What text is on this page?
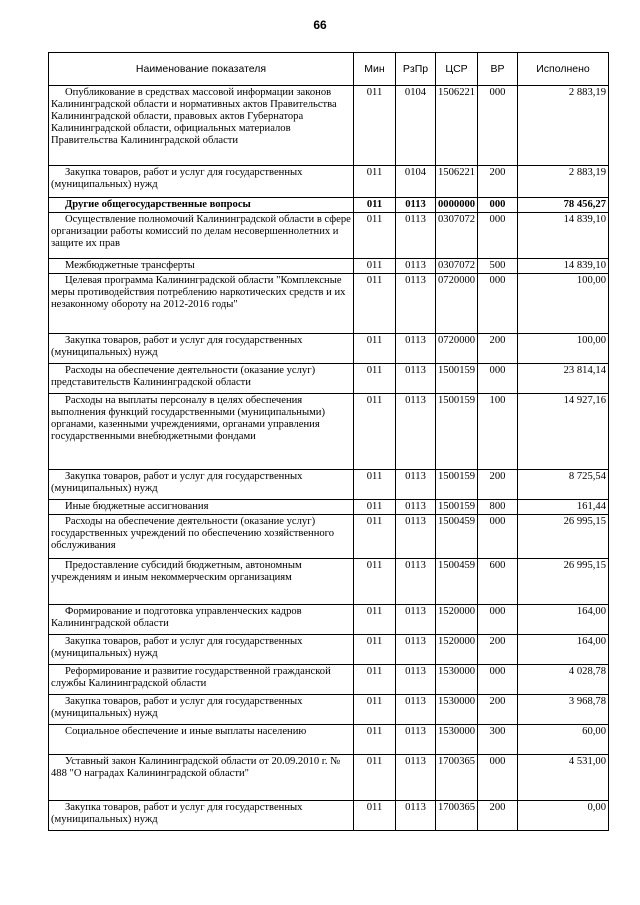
66
Наименование показателя	Мин	РзПр	ЦСР	ВР	Исполнено
Опубликование в средствах массовой информации законов Калининградской области и нормативных актов Правительства Калининградской области, правовых актов Губернатора Калининградской области, официальных материалов Правительства Калининградской области	011	0104	1506221	000	2 883,19
Закупка товаров, работ и услуг для государственных (муниципальных) нужд	011	0104	1506221	200	2 883,19
Другие общегосударственные вопросы	011	0113	0000000	000	78 456,27
Осуществление полномочий Калининградской области в сфере организации работы комиссий по делам несовершеннолетних и защите их прав	011	0113	0307072	000	14 839,10
Межбюджетные трансферты	011	0113	0307072	500	14 839,10
Целевая программа Калининградской области "Комплексные меры противодействия потреблению наркотических средств и их незаконному обороту на 2012-2016 годы"	011	0113	0720000	000	100,00
Закупка товаров, работ и услуг для государственных (муниципальных) нужд	011	0113	0720000	200	100,00
Расходы на обеспечение деятельности (оказание услуг) представительств Калининградской области	011	0113	1500159	000	23 814,14
Расходы на выплаты персоналу в целях обеспечения выполнения функций государственными (муниципальными) органами, казенными учреждениями, органами управления государственными внебюджетными фондами	011	0113	1500159	100	14 927,16
Закупка товаров, работ и услуг для государственных (муниципальных) нужд	011	0113	1500159	200	8 725,54
Иные бюджетные ассигнования	011	0113	1500159	800	161,44
Расходы на обеспечение деятельности (оказание услуг) государственных учреждений по обеспечению хозяйственного обслуживания	011	0113	1500459	000	26 995,15
Предоставление субсидий бюджетным, автономным учреждениям и иным некоммерческим организациям	011	0113	1500459	600	26 995,15
Формирование и подготовка управленческих кадров Калининградской области	011	0113	1520000	000	164,00
Закупка товаров, работ и услуг для государственных (муниципальных) нужд	011	0113	1520000	200	164,00
Реформирование и развитие государственной гражданской службы Калининградской области	011	0113	1530000	000	4 028,78
Закупка товаров, работ и услуг для государственных (муниципальных) нужд	011	0113	1530000	200	3 968,78
Социальное обеспечение и иные выплаты населению	011	0113	1530000	300	60,00
Уставный закон Калининградской области от 20.09.2010 г. № 488 "О наградах Калининградской области"	011	0113	1700365	000	4 531,00
Закупка товаров, работ и услуг для государственных (муниципальных) нужд	011	0113	1700365	200	0,00
